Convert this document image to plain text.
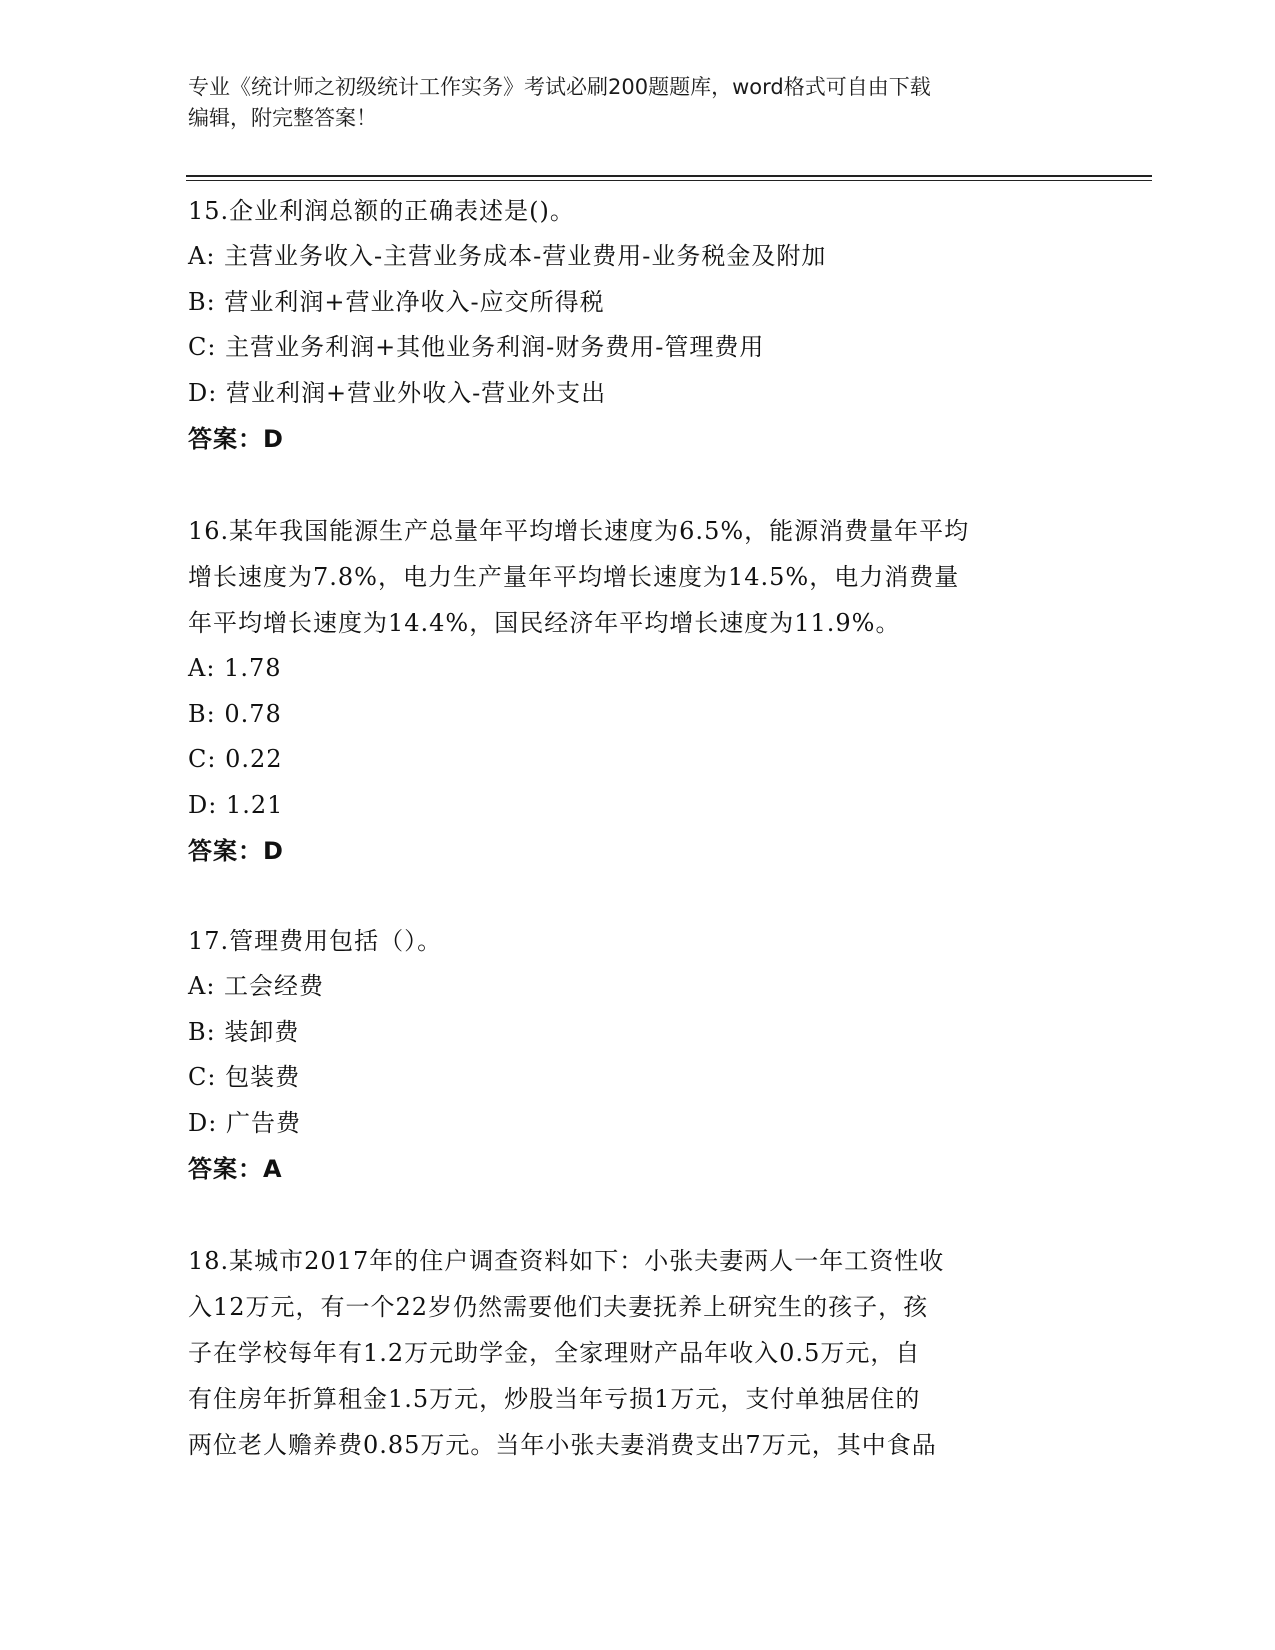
专业《统计师之初级统计工作实务》考试必刷200题题库，word格式可自由下载
编辑，附完整答案！
15.企业利润总额的正确表述是()。
A: 主营业务收入-主营业务成本-营业费用-业务税金及附加
B: 营业利润+营业净收入-应交所得税
C: 主营业务利润+其他业务利润-财务费用-管理费用
D: 营业利润+营业外收入-营业外支出
答案：D
16.某年我国能源生产总量年平均增长速度为6.5%，能源消费量年平均
增长速度为7.8%，电力生产量年平均增长速度为14.5%，电力消费量
年平均增长速度为14.4%，国民经济年平均增长速度为11.9%。
A: 1.78
B: 0.78
C: 0.22
D: 1.21
答案：D
17.管理费用包括（）。
A: 工会经费
B: 装卸费
C: 包装费
D: 广告费
答案：A
18.某城市2017年的住户调查资料如下：小张夫妻两人一年工资性收
入12万元，有一个22岁仍然需要他们夫妻抚养上研究生的孩子，孩
子在学校每年有1.2万元助学金，全家理财产品年收入0.5万元，自
有住房年折算租金1.5万元，炒股当年亏损1万元，支付单独居住的
两位老人赡养费0.85万元。当年小张夫妻消费支出7万元，其中食品
